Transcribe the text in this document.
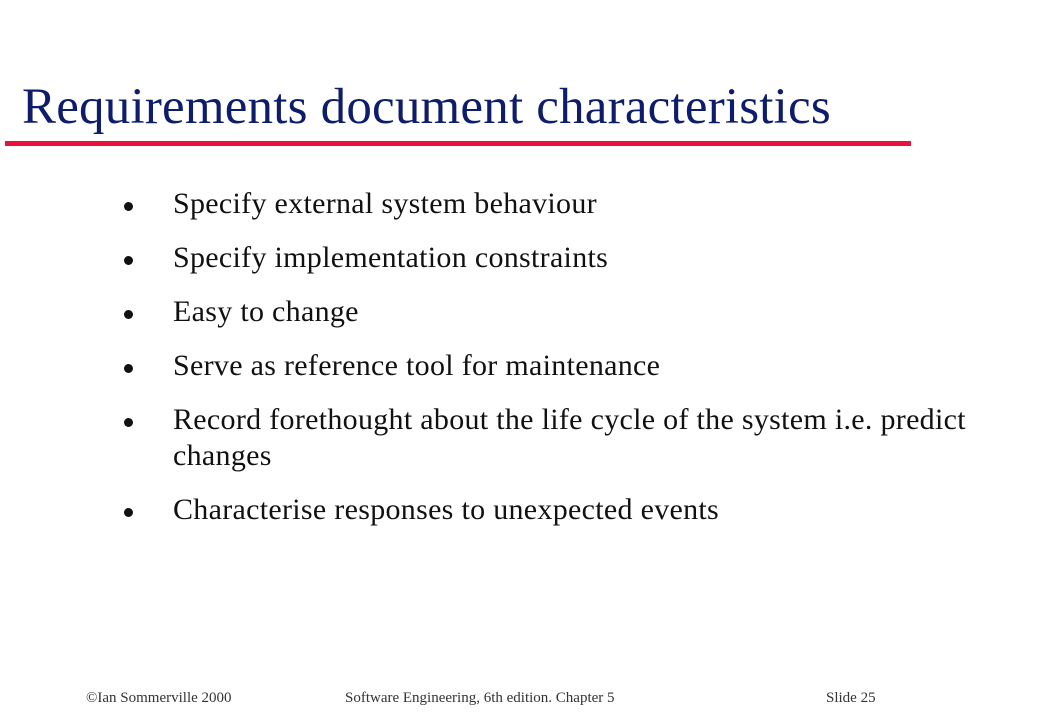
Requirements document characteristics
Specify external system behaviour
Specify implementation constraints
Easy to change
Serve as reference tool for maintenance
Record forethought about the life cycle of the system i.e. predict changes
Characterise responses to unexpected events
©Ian Sommerville 2000	Software Engineering, 6th edition. Chapter 5	Slide 25
